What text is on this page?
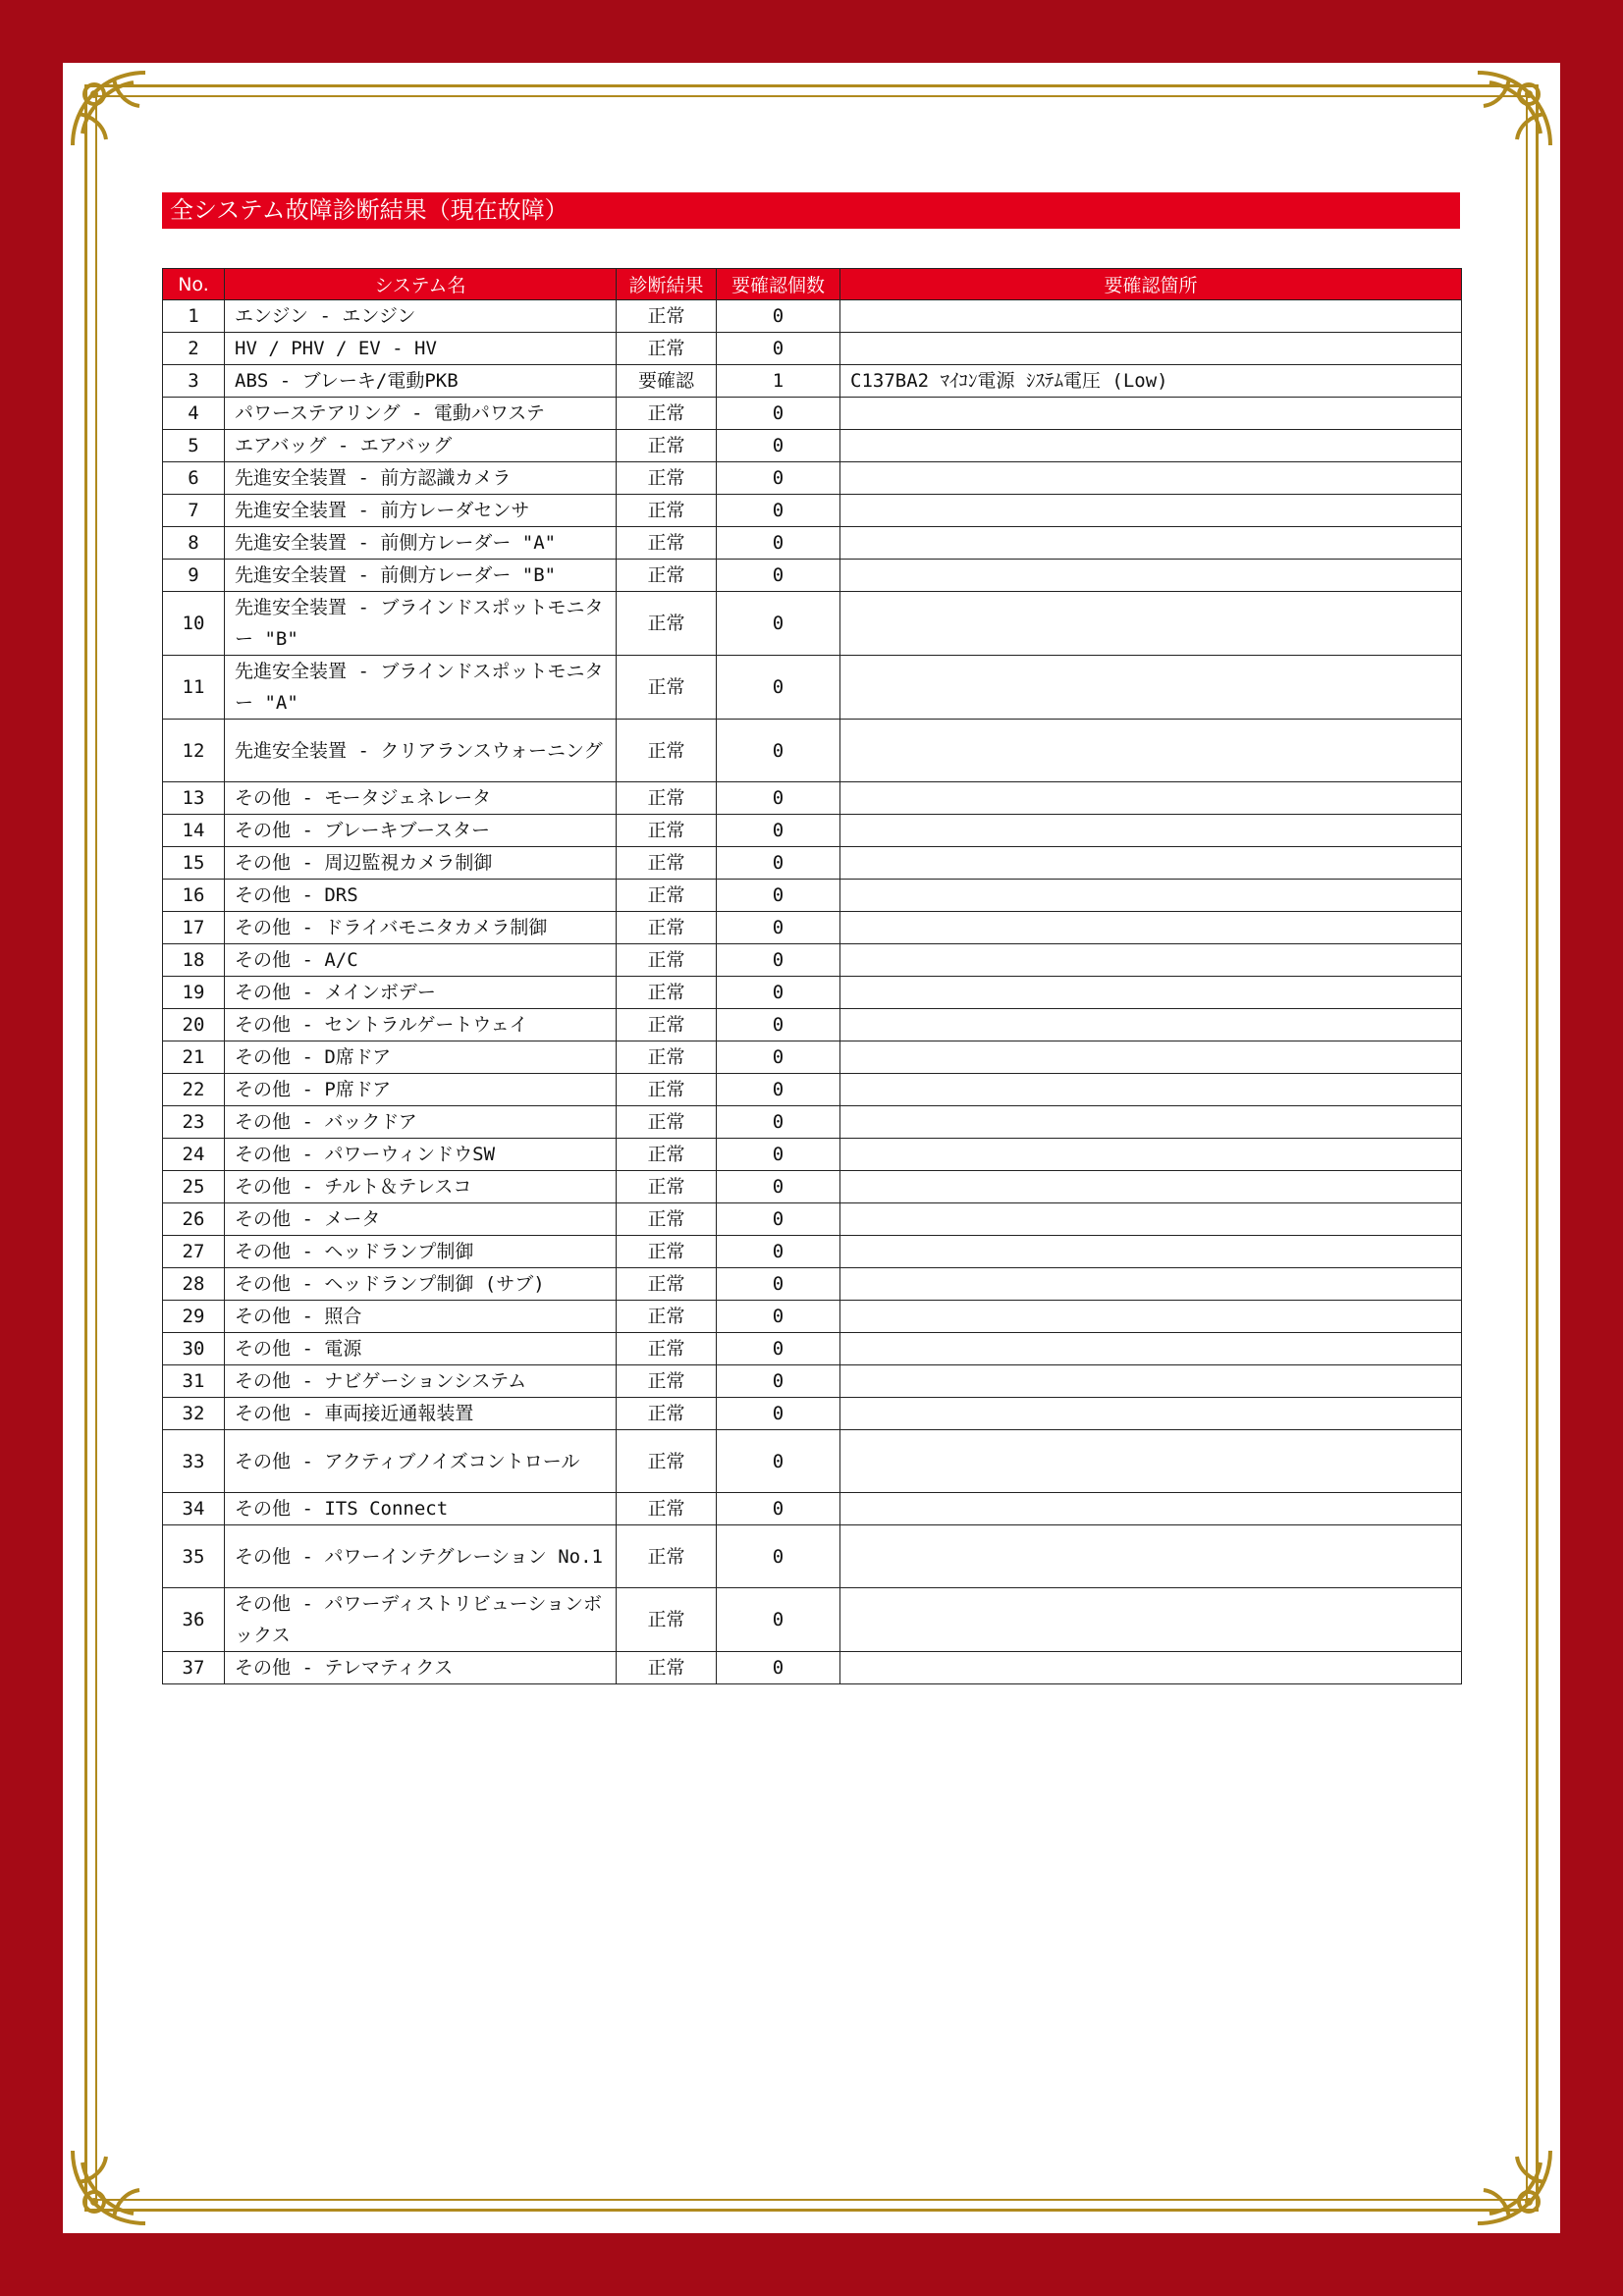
全システム故障診断結果（現在故障）
No.	システム名	診断結果	要確認個数	要確認箇所
1	エンジン - エンジン	正常	0	
2	HV / PHV / EV - HV	正常	0	
3	ABS - ブレーキ/電動PKB	要確認	1	C137BA2 ﾏｲｺﾝ電源 ｼｽﾃﾑ電圧 (Low)
4	パワーステアリング - 電動パワステ	正常	0	
5	エアバッグ - エアバッグ	正常	0	
6	先進安全装置 - 前方認識カメラ	正常	0	
7	先進安全装置 - 前方レーダセンサ	正常	0	
8	先進安全装置 - 前側方レーダー "A"	正常	0	
9	先進安全装置 - 前側方レーダー "B"	正常	0	
10	先進安全装置 - ブラインドスポットモニター "B"	正常	0	
11	先進安全装置 - ブラインドスポットモニター "A"	正常	0	
12	先進安全装置 - クリアランスウォーニング	正常	0	
13	その他 - モータジェネレータ	正常	0	
14	その他 - ブレーキブースター	正常	0	
15	その他 - 周辺監視カメラ制御	正常	0	
16	その他 - DRS	正常	0	
17	その他 - ドライバモニタカメラ制御	正常	0	
18	その他 - A/C	正常	0	
19	その他 - メインボデー	正常	0	
20	その他 - セントラルゲートウェイ	正常	0	
21	その他 - D席ドア	正常	0	
22	その他 - P席ドア	正常	0	
23	その他 - バックドア	正常	0	
24	その他 - パワーウィンドウSW	正常	0	
25	その他 - チルト＆テレスコ	正常	0	
26	その他 - メータ	正常	0	
27	その他 - ヘッドランプ制御	正常	0	
28	その他 - ヘッドランプ制御 (サブ)	正常	0	
29	その他 - 照合	正常	0	
30	その他 - 電源	正常	0	
31	その他 - ナビゲーションシステム	正常	0	
32	その他 - 車両接近通報装置	正常	0	
33	その他 - アクティブノイズコントロール	正常	0	
34	その他 - ITS Connect	正常	0	
35	その他 - パワーインテグレーション No.1	正常	0	
36	その他 - パワーディストリビューションボックス	正常	0	
37	その他 - テレマティクス	正常	0	
